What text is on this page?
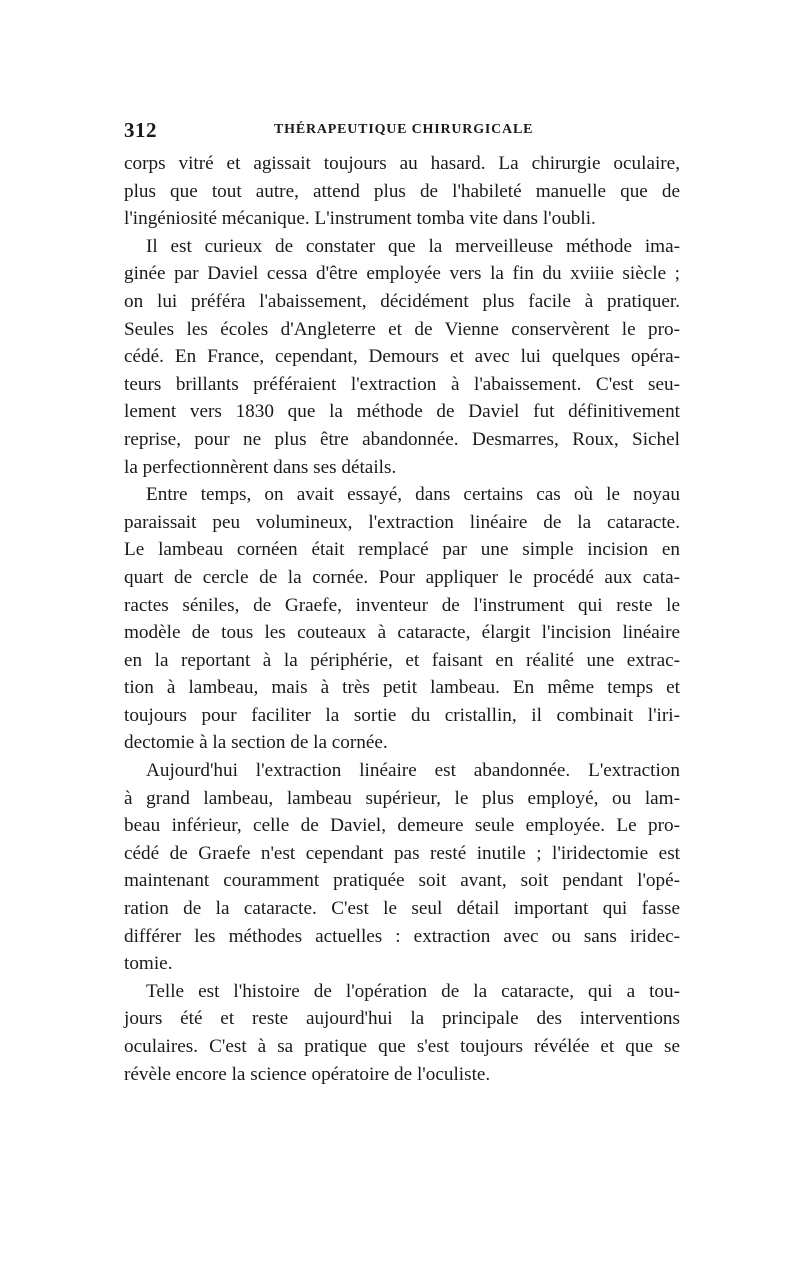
312	THÉRAPEUTIQUE CHIRURGICALE
corps vitré et agissait toujours au hasard. La chirurgie oculaire,
plus que tout autre, attend plus de l'habileté manuelle que de
l'ingéniosité mécanique. L'instrument tomba vite dans l'oubli.
Il est curieux de constater que la merveilleuse méthode ima-
ginée par Daviel cessa d'être employée vers la fin du xviiie siècle ;
on lui préféra l'abaissement, décidément plus facile à pratiquer.
Seules les écoles d'Angleterre et de Vienne conservèrent le pro-
cédé. En France, cependant, Demours et avec lui quelques opéra-
teurs brillants préféraient l'extraction à l'abaissement. C'est seu-
lement vers 1830 que la méthode de Daviel fut définitivement
reprise, pour ne plus être abandonnée. Desmarres, Roux, Sichel
la perfectionnèrent dans ses détails.
Entre temps, on avait essayé, dans certains cas où le noyau
paraissait peu volumineux, l'extraction linéaire de la cataracte.
Le lambeau cornéen était remplacé par une simple incision en
quart de cercle de la cornée. Pour appliquer le procédé aux cata-
ractes séniles, de Graefe, inventeur de l'instrument qui reste le
modèle de tous les couteaux à cataracte, élargit l'incision linéaire
en la reportant à la périphérie, et faisant en réalité une extrac-
tion à lambeau, mais à très petit lambeau. En même temps et
toujours pour faciliter la sortie du cristallin, il combinait l'iri-
dectomie à la section de la cornée.
Aujourd'hui l'extraction linéaire est abandonnée. L'extraction
à grand lambeau, lambeau supérieur, le plus employé, ou lam-
beau inférieur, celle de Daviel, demeure seule employée. Le pro-
cédé de Graefe n'est cependant pas resté inutile ; l'iridectomie est
maintenant couramment pratiquée soit avant, soit pendant l'opé-
ration de la cataracte. C'est le seul détail important qui fasse
différer les méthodes actuelles : extraction avec ou sans iridec-
tomie.
Telle est l'histoire de l'opération de la cataracte, qui a tou-
jours été et reste aujourd'hui la principale des interventions
oculaires. C'est à sa pratique que s'est toujours révélée et que se
révèle encore la science opératoire de l'oculiste.
